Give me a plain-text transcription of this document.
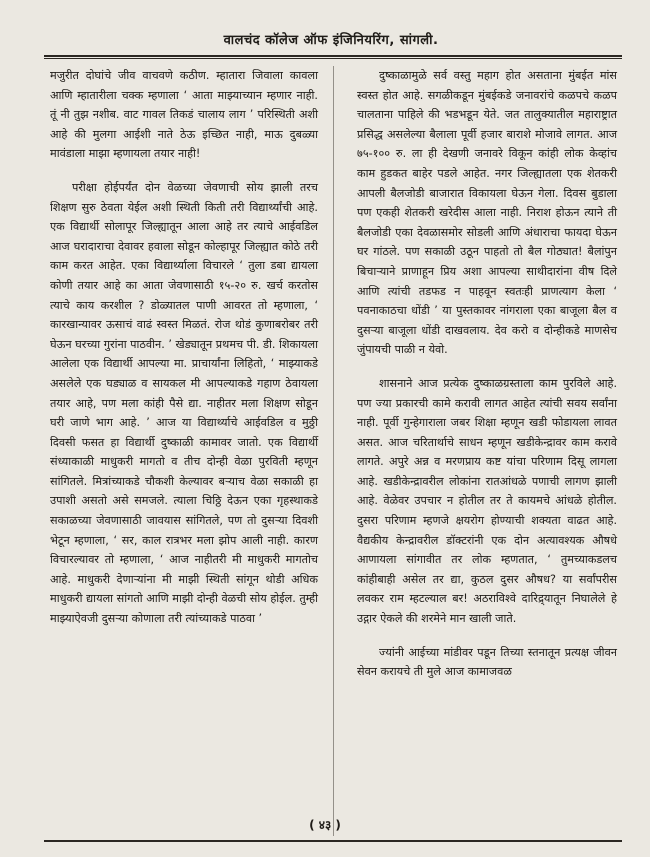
वालचंद कॉलेज ऑफ इंजिनियरिंग, सांगली.

मजुरीत दोघांचे जीव वाचवणे कठीण. म्हातारा जिवाला कावला आणि म्हातारीला चक्क म्हणाला ‘ आता माझ्याच्यान म्हणार नाही. तूं नी तुझ नशीब. वाट गावल तिकडं चालाय लाग ’ परिस्थिती अशी आहे की मुलगा आईशी नाते ठेऊ इच्छित नाही, माऊ दुबळ्या मावंडाला माझा म्हणायला तयार नाही!

परीक्षा होईपर्यंत दोन वेळच्या जेवणाची सोय झाली तरच शिक्षण सुरु ठेवता येईल अशी स्थिती किती तरी विद्यार्थ्यांची आहे. एक विद्यार्थी सोलापूर जिल्ह्यातून आला आहे तर त्याचे आईवडिल आज घरादाराचा देवावर हवाला सोडून कोल्हापूर जिल्ह्यात कोठे तरी काम करत आहेत. एका विद्यार्थ्याला विचारले ‘ तुला डबा द्यायला कोणी तयार आहे का आता जेवणासाठी १५-२० रु. खर्च करतोस त्याचे काय करशील ? डोळ्यातल पाणी आवरत तो म्हणाला, ‘ कारखान्यावर ऊसाचं वाढं स्वस्त मिळतं. रोज थोडं कुणाबरोबर तरी घेऊन घरच्या गुरांना पाठवीन. ’ खेड्यातून प्रथमच पी. डी. शिकायला आलेला एक विद्यार्थी आपल्या मा. प्राचार्यांना लिहितो, ‘ माझ्याकडे असलेले एक घड्याळ व सायकल मी आपल्याकडे गहाण ठेवायला तयार आहे, पण मला कांही पैसे द्या. नाहीतर मला शिक्षण सोडून घरी जाणे भाग आहे. ’ आज या विद्यार्थ्याचे आईवडिल व मुठ्ठी दिवसी फसत हा विद्यार्थी दुष्काळी कामावर जातो. एक विद्यार्थी संध्याकाळी माधुकरी मागतो व तीच दोन्ही वेळा पुरविती म्हणून सांगितले. मित्रांच्याकडे चौकशी केल्यावर बऱ्याच वेळा सकाळी हा उपाशी असतो असे समजले. त्याला चिठ्ठि देऊन एका गृहस्थाकडे सकाळच्या जेवणासाठी जावयास सांगितले, पण तो दुसऱ्या दिवशी भेटून म्हणाला, ‘ सर, काल रात्रभर मला झोप आली नाही. कारण विचारल्यावर तो म्हणाला, ‘ आज नाहीतरी मी माधुकरी मागतोच आहे. माधुकरी देणाऱ्यांना मी माझी स्थिती सांगून थोडी अधिक माधुकरी द्यायला सांगतो आणि माझी दोन्ही वेळची सोय होईल. तुम्ही माझ्याऐवजी दुसऱ्या कोणाला तरी त्यांच्याकडे पाठवा ’

दुष्काळामुळे सर्व वस्तु महाग होत असताना मुंबईत मांस स्वस्त होत आहे. सगळीकडून मुंबईकडे जनावरांचे कळपचे कळप चालताना पाहिले की भडभडून येते. जत तालुक्यातील महाराष्ट्रात प्रसिद्ध असलेल्या बैलाला पूर्वी हजार बाराशे मोजावे लागत. आज ७५-१०० रु. ला ही देखणी जनावरे विकून कांही लोक केव्हांच काम हुडकत बाहेर पडले आहेत. नगर जिल्ह्यातला एक शेतकरी आपली बैलजोडी बाजारात विकायला घेऊन गेला. दिवस बुडाला पण एकही शेतकरी खरेदीस आला नाही. निराश होऊन त्याने ती बैलजोडी एका देवळासमोर सोडली आणि अंधाराचा फायदा घेऊन घर गांठले. पण सकाळी उठून पाहतो तो बैल गोठ्यात! बैलांपुन बिचाऱ्याने प्राणाहून प्रिय अशा आपल्या साथीदारांना वीष दिले आणि त्यांची तडफड न पाहवून स्वतःही प्राणत्याग केला ‘ पवनाकाठचा धोंडी ’ या पुस्तकावर नांगराला एका बाजूला बैल व दुसऱ्या बाजूला धोंडी दाखवलाय. देव करो व दोन्हीकडे माणसेच जुंपायची पाळी न येवो.

शासनाने आज प्रत्येक दुष्काळग्रस्ताला काम पुरविले आहे. पण ज्या प्रकारची कामे करावी लागत आहेत त्यांची सवय सर्वांना नाही. पूर्वी गुन्हेगाराला जबर शिक्षा म्हणून खडी फोडायला लावत असत. आज चरितार्थाचे साधन म्हणून खडीकेन्द्रावर काम करावे लागते. अपुरे अन्न व मरणप्राय कष्ट यांचा परिणाम दिसू लागला आहे. खडीकेन्द्रावरील लोकांना रातआंधळे पणाची लागण झाली आहे. वेळेवर उपचार न होतील तर ते कायमचे आंधळे होतील. दुसरा परिणाम म्हणजे क्षयरोग होण्याची शक्यता वाढत आहे. वैद्यकीय केन्द्रावरील डॉक्टरांनी एक दोन अत्यावश्यक औषधे आणायला सांगावीत तर लोक म्हणतात, ‘ तुमच्याकडलच कांहीबाही असेल तर द्या, कुठल दुसर औषध? या सर्वांपरीस लवकर राम म्हटल्याल बर! अठराविश्वे दारिद्र्यातून निघालेले हे उद्गार ऐकले की शरमेने मान खाली जाते.

ज्यांनी आईच्या मांडीवर पडून तिच्या स्तनातून प्रत्यक्ष जीवन सेवन करायचे ती मुले आज कामाजवळ

( ४३ )
